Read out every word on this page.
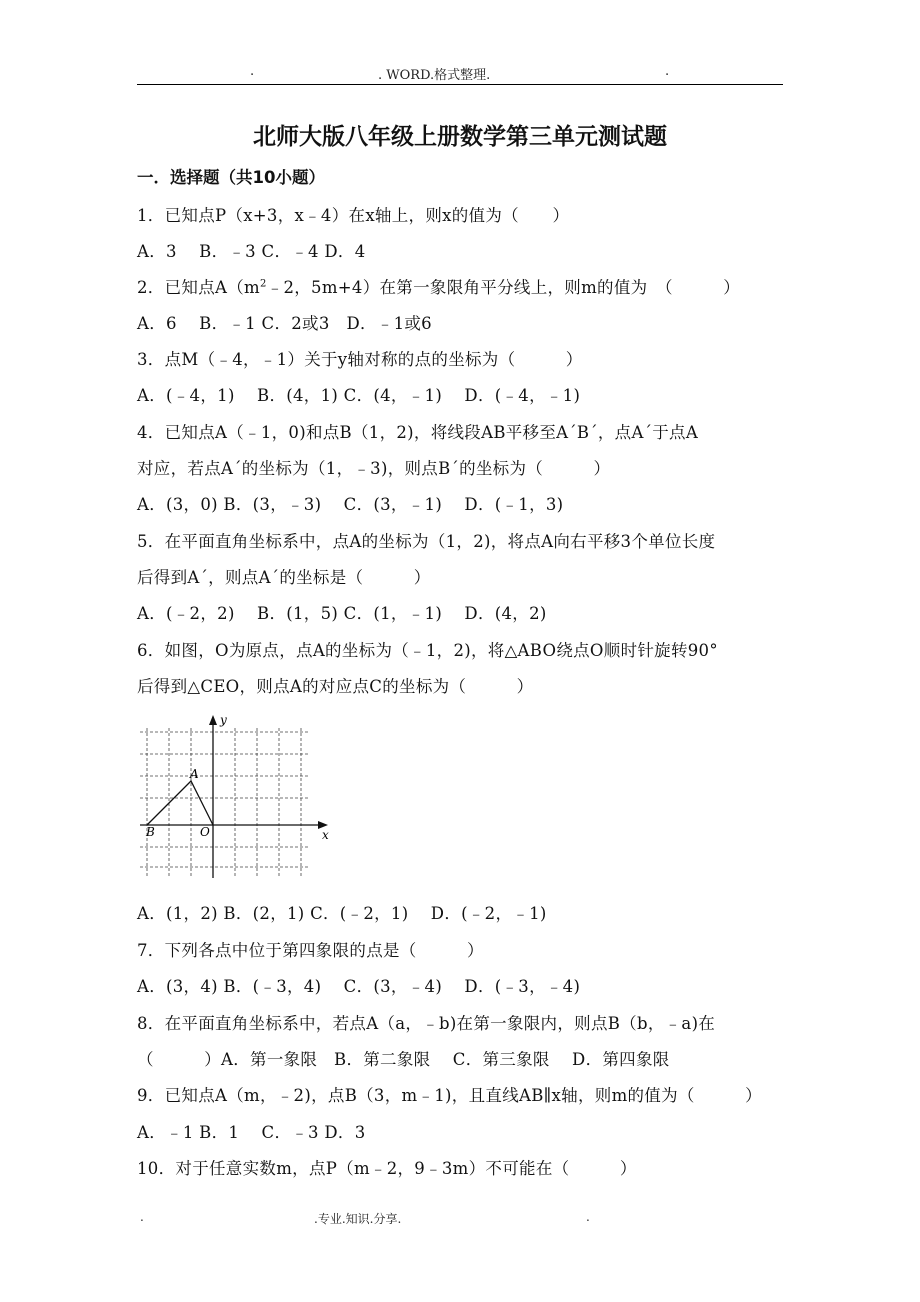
.	. WORD.格式整理.	.
北师大版八年级上册数学第三单元测试题
一．选择题（共10小题）
1．已知点P（x+3，x﹣4）在x轴上，则x的值为（　　）
A．3　 B．﹣3 C．﹣4 D．4
2．已知点$A(m^2﹣2$，5m+4）在第一象限角平分线上，则m的值为　（　　　）
A．6　 B．﹣1 C．2或3　D．﹣1或6
3．点M（﹣4，﹣1）关于y轴对称的点的坐标为（　　　）
A．(﹣4，1)　 B．(4，1) C．(4，﹣1)　 D．(﹣4，﹣1)
4．已知点A（﹣1，0)和点B（1，2)，将线段AB平移至A´B´，点A´于点A
对应，若点A´的坐标为（1，﹣3)，则点B´的坐标为（　　　）
A．(3，0) B．(3，﹣3)　 C．(3，﹣1)　 D．(﹣1，3)
5．在平面直角坐标系中，点A的坐标为（1，2)，将点A向右平移3个单位长度
后得到A´，则点A´的坐标是（　　　）
A．(﹣2，2)　 B．(1，5) C．(1，﹣1)　 D．(4，2)
6．如图，O为原点，点A的坐标为（﹣1，2)，将△ABO绕点O顺时针旋转90°
后得到△CEO，则点A的对应点C的坐标为（　　　）
y
x
A
B	O
A．(1，2) B．(2，1) C．(﹣2，1)　 D．(﹣2，﹣1)
7．下列各点中位于第四象限的点是（　　　）
A．(3，4) B．(﹣3，4)　 C．(3，﹣4)　 D．(﹣3，﹣4)
8．在平面直角坐标系中，若点A（a，﹣b)在第一象限内，则点B（b，﹣a)在
（　　　）A．第一象限　B．第二象限　 C．第三象限　 D．第四象限
9．已知点A（m，﹣2)，点B（3，m﹣1)，且直线AB∥x轴，则m的值为（　　　）
A．﹣1 B．1　 C．﹣3 D．3
10．对于任意实数m，点P（m﹣2，9﹣3m）不可能在（　　　）
.	.专业.知识.分享.	.
